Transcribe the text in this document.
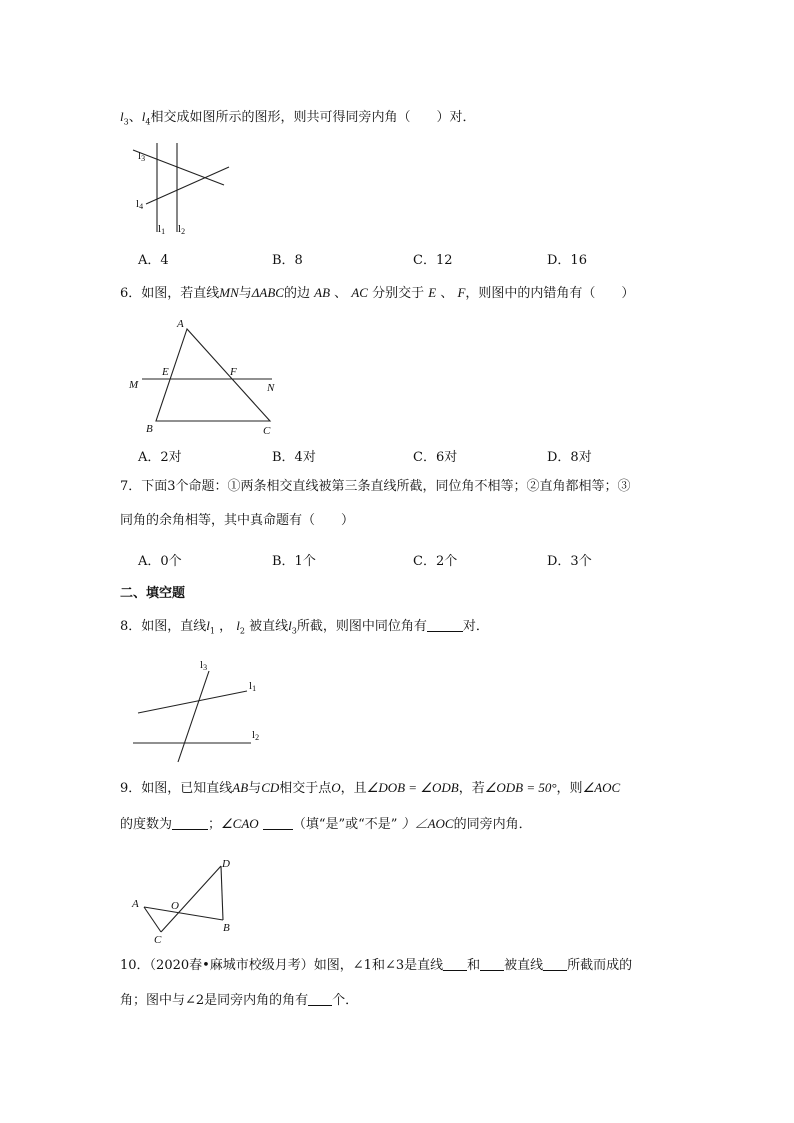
$l_3$、$l_4$相交成如图所示的图形，则共可得同旁内角（　　）对．
l3
l4
l1 l2
A．4	B．8	C．12	D．16
6．如图，若直线MN与ΔABC的边 AB 、 AC 分别交于 E 、 F，则图中的内错角有（　　）
A
E	F
M	N
B	C
A．2对	B．4对	C．6对	D．8对
7．下面3个命题：①两条相交直线被第三条直线所截，同位角不相等；②直角都相等；③
同角的余角相等，其中真命题有（　　）
A．0个	B．1个	C．2个	D．3个
二、填空题
8．如图，直线$l_1$ ， $l_2$ 被直线$l_3$所截，则图中同位角有	对．
l3
l1
l2
9．如图，已知直线AB与CD相交于点O，且∠DOB = ∠ODB，若∠ODB = 50°，则∠AOC
的度数为	；∠CAO	（填“是”或“不是” ）∠AOC的同旁内角．
A	O
D
C
B
10．（2020春•麻城市校级月考）如图，∠1和∠3是直线 和 被直线 所截而成的
角；图中与∠2是同旁内角的角有 个．
